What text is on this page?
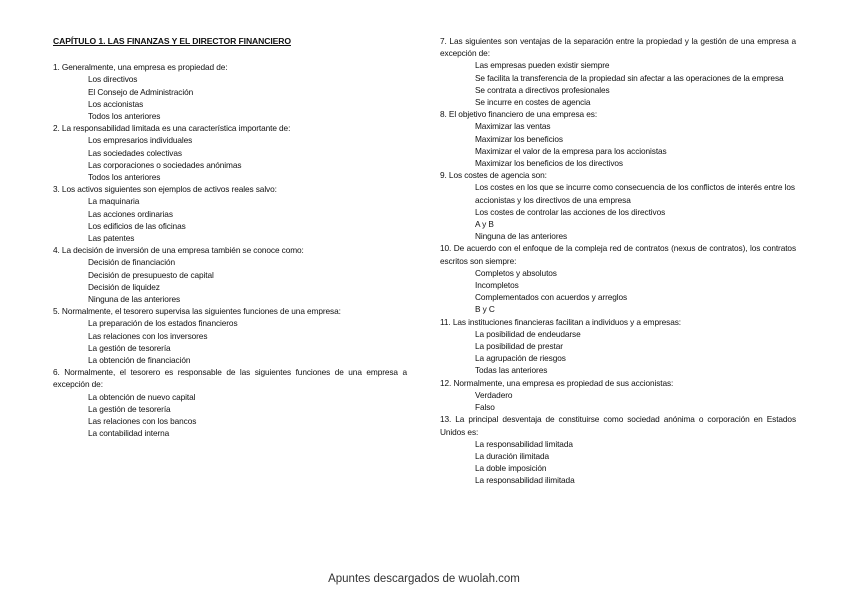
CAPÍTULO 1. LAS FINANZAS Y EL DIRECTOR FINANCIERO
1. Generalmente, una empresa es propiedad de:
Los directivos
El Consejo de Administración
Los accionistas
Todos los anteriores
2. La responsabilidad limitada es una característica importante de:
Los empresarios individuales
Las sociedades colectivas
Las corporaciones o sociedades anónimas
Todos los anteriores
3. Los activos siguientes son ejemplos de activos reales salvo:
La maquinaria
Las acciones ordinarias
Los edificios de las oficinas
Las patentes
4. La decisión de inversión de una empresa también se conoce como:
Decisión de financiación
Decisión de presupuesto de capital
Decisión de liquidez
Ninguna de las anteriores
5. Normalmente, el tesorero supervisa las siguientes funciones de una empresa:
La preparación de los estados financieros
Las relaciones con los inversores
La gestión de tesorería
La obtención de financiación
6. Normalmente, el tesorero es responsable de las siguientes funciones de una empresa a excepción de:
La obtención de nuevo capital
La gestión de tesorería
Las relaciones con los bancos
La contabilidad interna
7. Las siguientes son ventajas de la separación entre la propiedad y la gestión de una empresa a excepción de:
Las empresas pueden existir siempre
Se facilita la transferencia de la propiedad sin afectar a las operaciones de la empresa
Se contrata a directivos profesionales
Se incurre en costes de agencia
8. El objetivo financiero de una empresa es:
Maximizar las ventas
Maximizar los beneficios
Maximizar el valor de la empresa para los accionistas
Maximizar los beneficios de los directivos
9. Los costes de agencia son:
Los costes en los que se incurre como consecuencia de los conflictos de interés entre los accionistas y los directivos de una empresa
Los costes de controlar las acciones de los directivos
A y B
Ninguna de las anteriores
10. De acuerdo con el enfoque de la compleja red de contratos (nexus de contratos), los contratos escritos son siempre:
Completos y absolutos
Incompletos
Complementados con acuerdos y arreglos
B y C
11. Las instituciones financieras facilitan a individuos y a empresas:
La posibilidad de endeudarse
La posibilidad de prestar
La agrupación de riesgos
Todas las anteriores
12. Normalmente, una empresa es propiedad de sus accionistas:
Verdadero
Falso
13. La principal desventaja de constituirse como sociedad anónima o corporación en Estados Unidos es:
La responsabilidad limitada
La duración ilimitada
La doble imposición
La responsabilidad ilimitada
Apuntes descargados de wuolah.com
